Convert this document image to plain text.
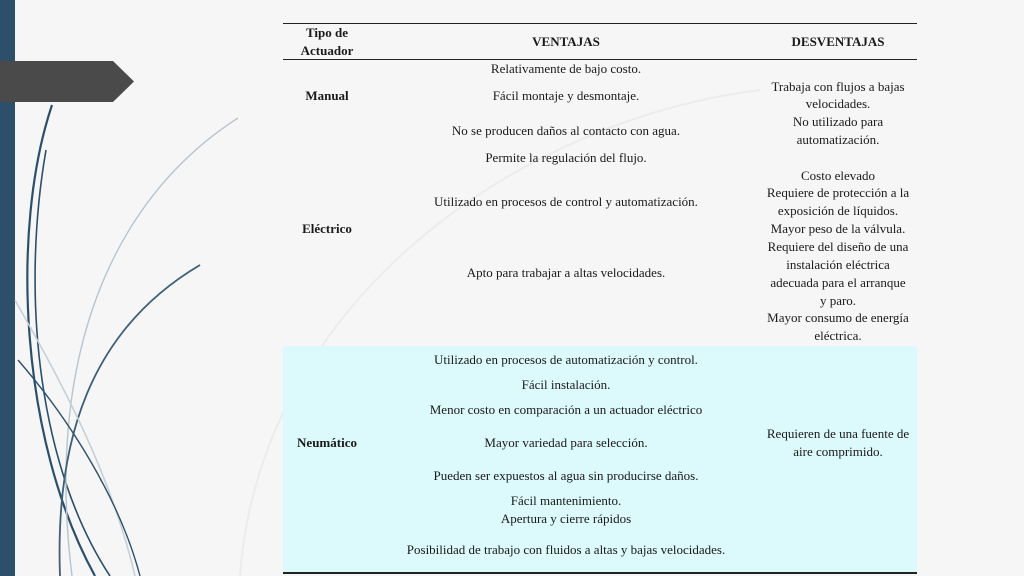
Tipo de
Actuador
VENTAJAS	DESVENTAJAS
Manual
Relativamente de bajo costo.
Fácil montaje y desmontaje.
No se producen daños al contacto con agua.
Trabaja con flujos a bajas
velocidades.
No utilizado para
automatización.
Eléctrico
Permite la regulación del flujo.
Utilizado en procesos de control y automatización.
Apto para trabajar a altas velocidades.
Costo elevado
Requiere de protección a la
exposición de líquidos.
Mayor peso de la válvula.
Requiere del diseño de una
instalación eléctrica
adecuada para el arranque
y paro.
Mayor consumo de energía
eléctrica.
Neumático
Utilizado en procesos de automatización y control.
Fácil instalación.
Menor costo en comparación a un actuador eléctrico
Mayor variedad para selección.
Pueden ser expuestos al agua sin producirse daños.
Fácil mantenimiento.
Apertura y cierre rápidos
Posibilidad de trabajo con fluidos a altas y bajas velocidades.
Requieren de una fuente de
aire comprimido.
